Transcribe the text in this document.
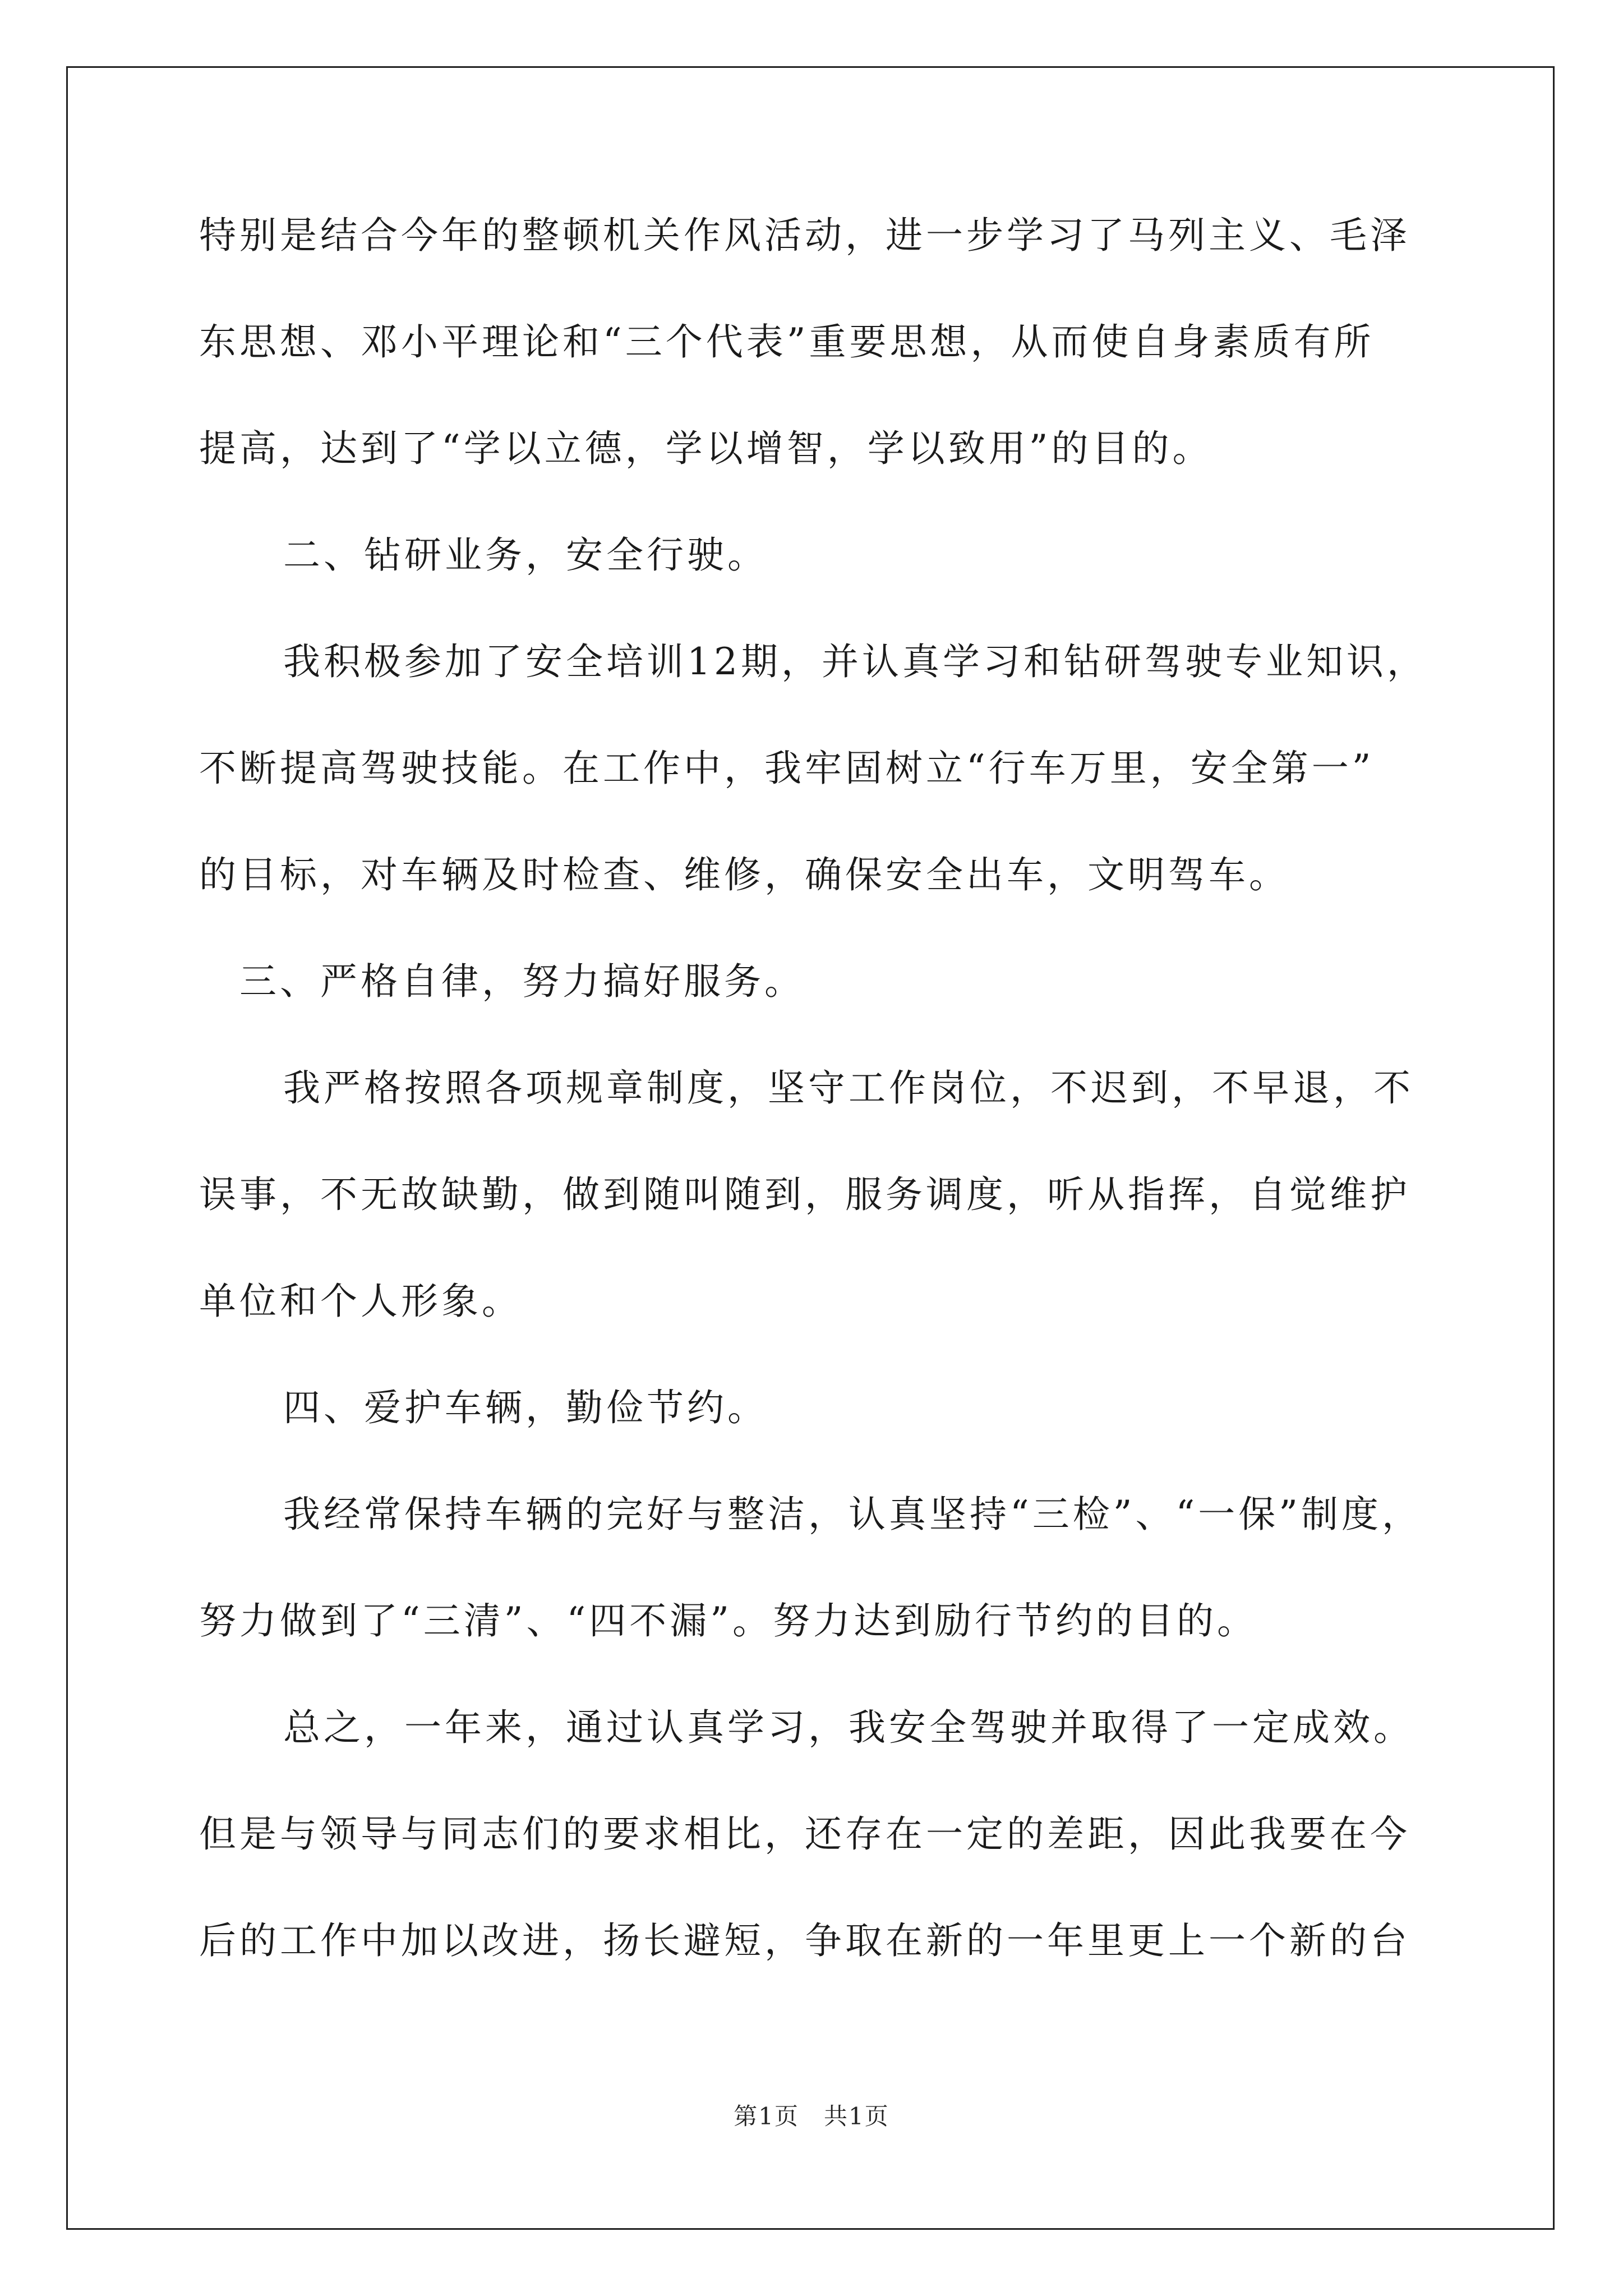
特别是结合今年的整顿机关作风活动，进一步学习了马列主义、毛泽
东思想、邓小平理论和“三个代表”重要思想，从而使自身素质有所
提高，达到了“学以立德，学以增智，学以致用”的目的。
二、钻研业务，安全行驶。
我积极参加了安全培训12期，并认真学习和钻研驾驶专业知识，
不断提高驾驶技能。在工作中，我牢固树立“行车万里，安全第一”
的目标，对车辆及时检查、维修，确保安全出车，文明驾车。
三、严格自律，努力搞好服务。
我严格按照各项规章制度，坚守工作岗位，不迟到，不早退，不
误事，不无故缺勤，做到随叫随到，服务调度，听从指挥，自觉维护
单位和个人形象。
四、爱护车辆，勤俭节约。
我经常保持车辆的完好与整洁，认真坚持“三检”、“一保”制度，
努力做到了“三清”、“四不漏”。努力达到励行节约的目的。
总之，一年来，通过认真学习，我安全驾驶并取得了一定成效。
但是与领导与同志们的要求相比，还存在一定的差距，因此我要在今
后的工作中加以改进，扬长避短，争取在新的一年里更上一个新的台
第1页　共1页
